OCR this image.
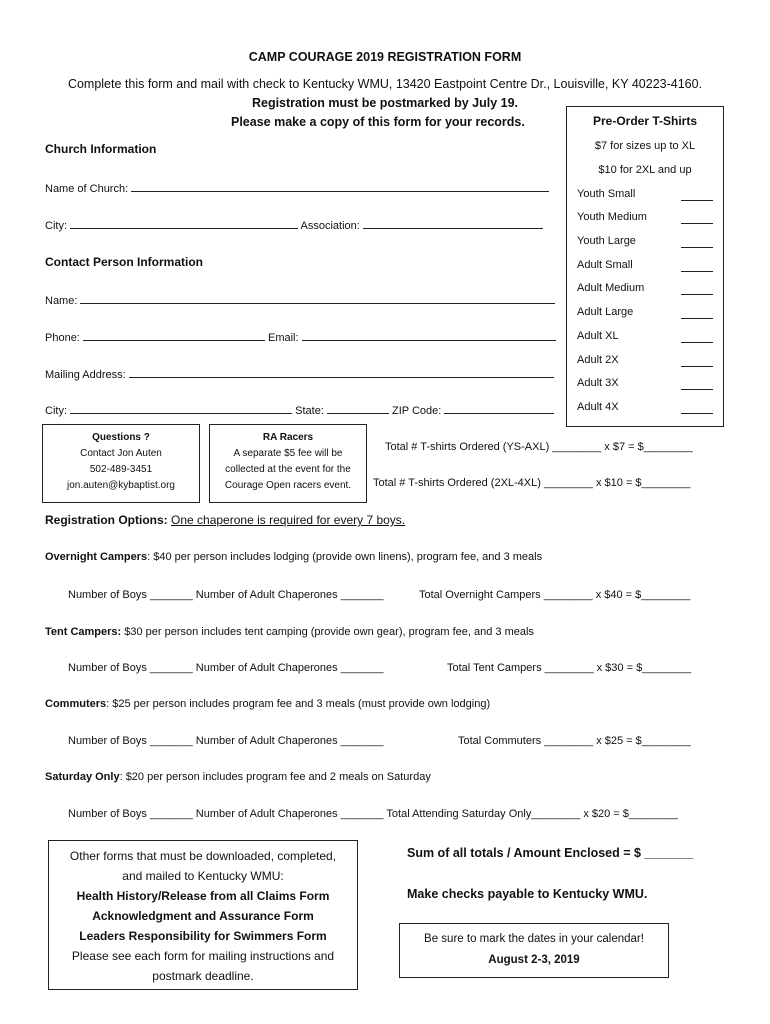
CAMP COURAGE 2019 REGISTRATION FORM
Complete this form and mail with check to Kentucky WMU, 13420 Eastpoint Centre Dr., Louisville, KY 40223-4160.
Registration must be postmarked by July 19.
Please make a copy of this form for your records.
Church Information
Name of Church:
City:	Association:
Contact Person Information
Name:
Phone:	Email:
Mailing Address:
City:	State:	ZIP Code:
Pre-Order T-Shirts
$7 for sizes up to XL
$10 for 2XL and up
Youth Small
Youth Medium
Youth Large
Adult Small
Adult Medium
Adult Large
Adult XL
Adult 2X
Adult 3X
Adult 4X
Questions ?
Contact Jon Auten
502-489-3451
jon.auten@kybaptist.org
RA Racers
A separate $5 fee will be
collected at the event for the
Courage Open racers event.
Total # T-shirts Ordered (YS-AXL) ________ x $7 = $________
Total # T-shirts Ordered (2XL-4XL) ________ x $10 = $________
Registration Options: One chaperone is required for every 7 boys.
Overnight Campers: $40 per person includes lodging (provide own linens), program fee, and 3 meals
Number of Boys _______ Number of Adult Chaperones _______	Total Overnight Campers ________ x $40 = $________
Tent Campers: $30 per person includes tent camping (provide own gear), program fee, and 3 meals
Number of Boys _______ Number of Adult Chaperones _______	Total Tent Campers ________ x $30 = $________
Commuters: $25 per person includes program fee and 3 meals (must provide own lodging)
Number of Boys _______ Number of Adult Chaperones _______	Total Commuters ________ x $25 = $________
Saturday Only: $20 per person includes program fee and 2 meals on Saturday
Number of Boys _______ Number of Adult Chaperones _______ Total Attending Saturday Only________ x $20 = $________
Other forms that must be downloaded, completed,
and mailed to Kentucky WMU:
Health History/Release from all Claims Form
Acknowledgment and Assurance Form
Leaders Responsibility for Swimmers Form
Please see each form for mailing instructions and
postmark deadline.
Sum of all totals / Amount Enclosed = $ _______
Make checks payable to Kentucky WMU.
Be sure to mark the dates in your calendar!
August 2-3, 2019
